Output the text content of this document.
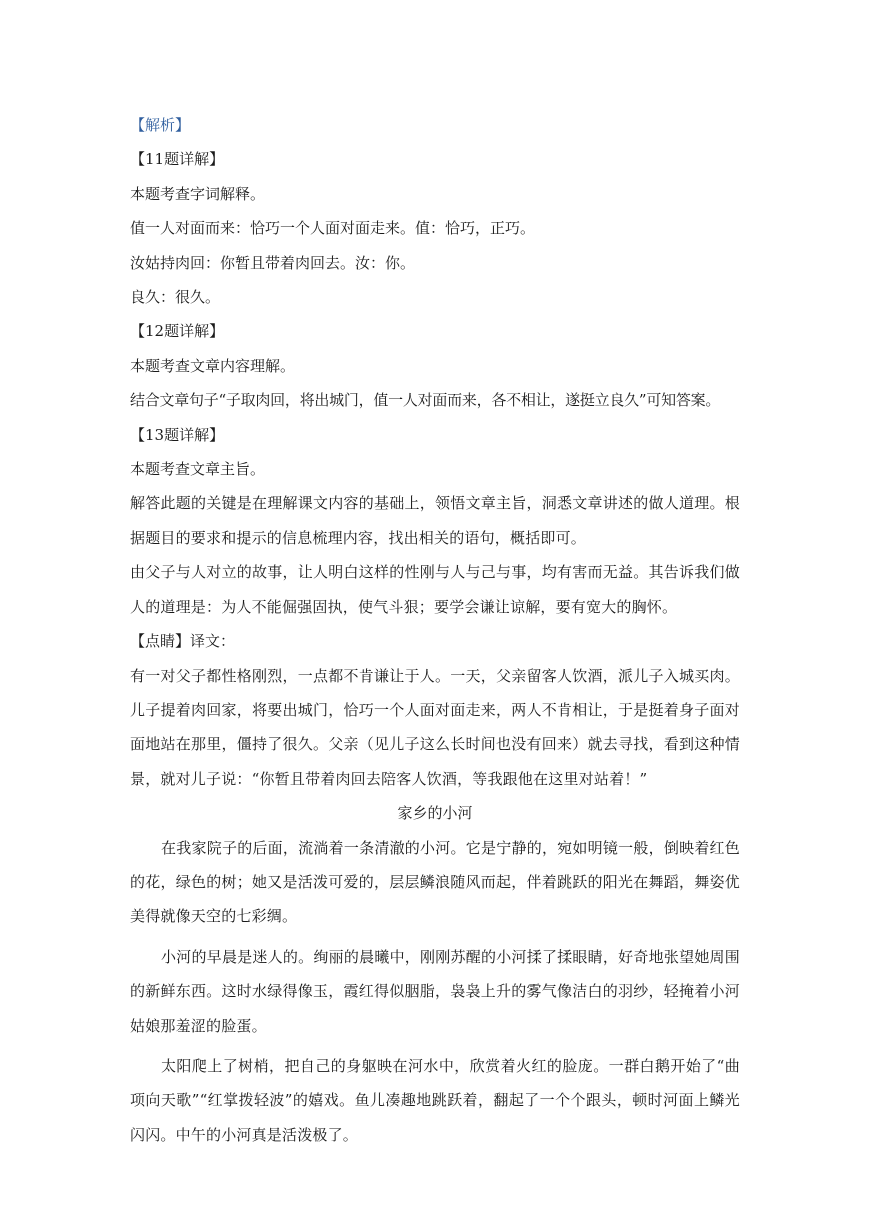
【解析】

【11题详解】

本题考查字词解释。

值一人对面而来：恰巧一个人面对面走来。值：恰巧，正巧。

汝姑持肉回：你暂且带着肉回去。汝：你。

良久：很久。

【12题详解】

本题考查文章内容理解。

结合文章句子“子取肉回，将出城门，值一人对面而来，各不相让，遂挺立良久”可知答案。

【13题详解】

本题考查文章主旨。

解答此题的关键是在理解课文内容的基础上，领悟文章主旨，洞悉文章讲述的做人道理。根据题目的要求和提示的信息梳理内容，找出相关的语句，概括即可。

由父子与人对立的故事，让人明白这样的性刚与人与己与事，均有害而无益。其告诉我们做人的道理是：为人不能倔强固执，使气斗狠；要学会谦让谅解，要有宽大的胸怀。

【点睛】译文：

有一对父子都性格刚烈，一点都不肯谦让于人。一天，父亲留客人饮酒，派儿子入城买肉。儿子提着肉回家，将要出城门，恰巧一个人面对面走来，两人不肯相让，于是挺着身子面对面地站在那里，僵持了很久。父亲（见儿子这么长时间也没有回来）就去寻找，看到这种情景，就对儿子说：“你暂且带着肉回去陪客人饮酒，等我跟他在这里对站着！”

家乡的小河

在我家院子的后面，流淌着一条清澈的小河。它是宁静的，宛如明镜一般，倒映着红色的花，绿色的树；她又是活泼可爱的，层层鳞浪随风而起，伴着跳跃的阳光在舞蹈，舞姿优美得就像天空的七彩绸。

小河的早晨是迷人的。绚丽的晨曦中，刚刚苏醒的小河揉了揉眼睛，好奇地张望她周围的新鲜东西。这时水绿得像玉，霞红得似胭脂，袅袅上升的雾气像洁白的羽纱，轻掩着小河姑娘那羞涩的脸蛋。

太阳爬上了树梢，把自己的身躯映在河水中，欣赏着火红的脸庞。一群白鹅开始了“曲项向天歌”“红掌拨轻波”的嬉戏。鱼儿凑趣地跳跃着，翻起了一个个跟头，顿时河面上鳞光闪闪。中午的小河真是活泼极了。
